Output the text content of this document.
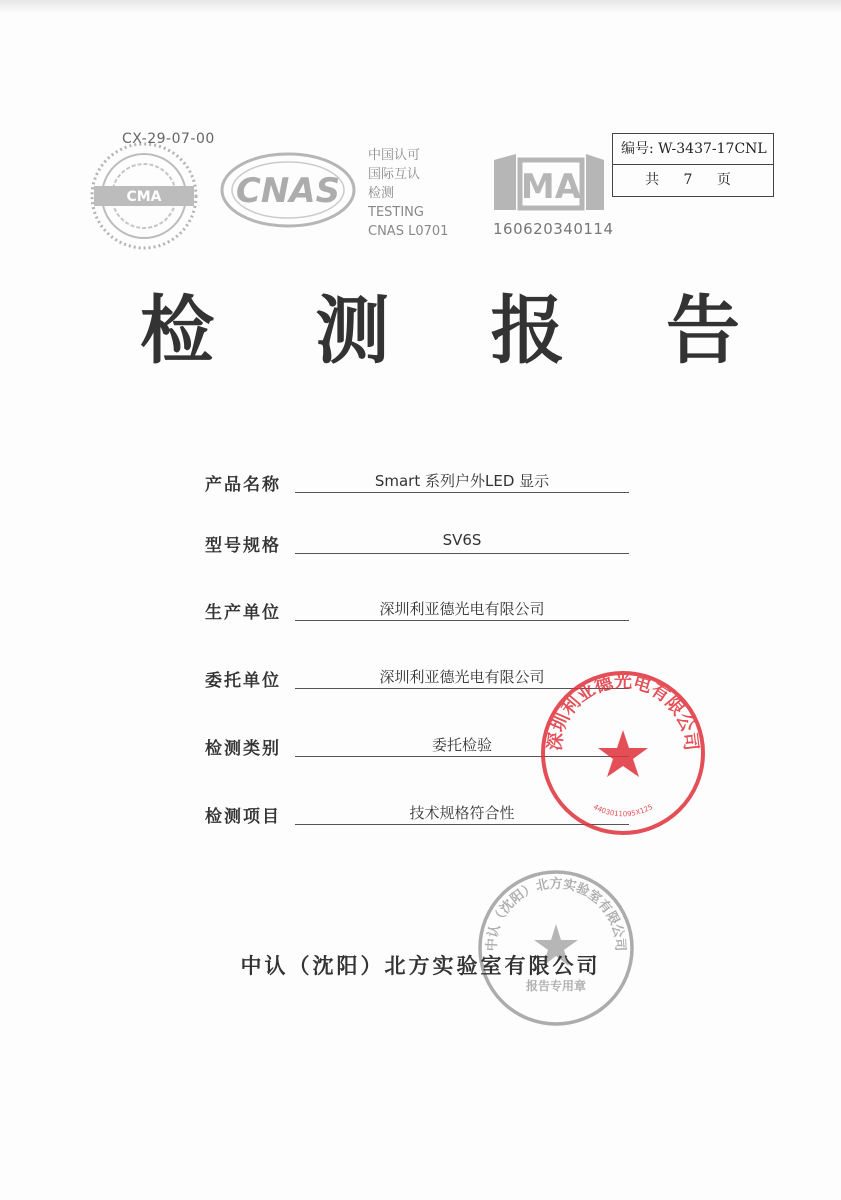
CX-29-07-00
CMA CNAS
中国认可
国际互认
检测
TESTING
CNAS L0701
MA
160620340114
编号: W-3437-17CNL
共 7 页
检 测 报 告
产品名称	Smart 系列户外LED 显示
型号规格	SV6S
生产单位	深圳利亚德光电有限公司
委托单位	深圳利亚德光电有限公司
检测类别	委托检验
检测项目	技术规格符合性
深圳利亚德光电有限公司
4403011095X125
中认（沈阳）北方实验室有限公司
报告专用章
中认（沈阳）北方实验室有限公司
